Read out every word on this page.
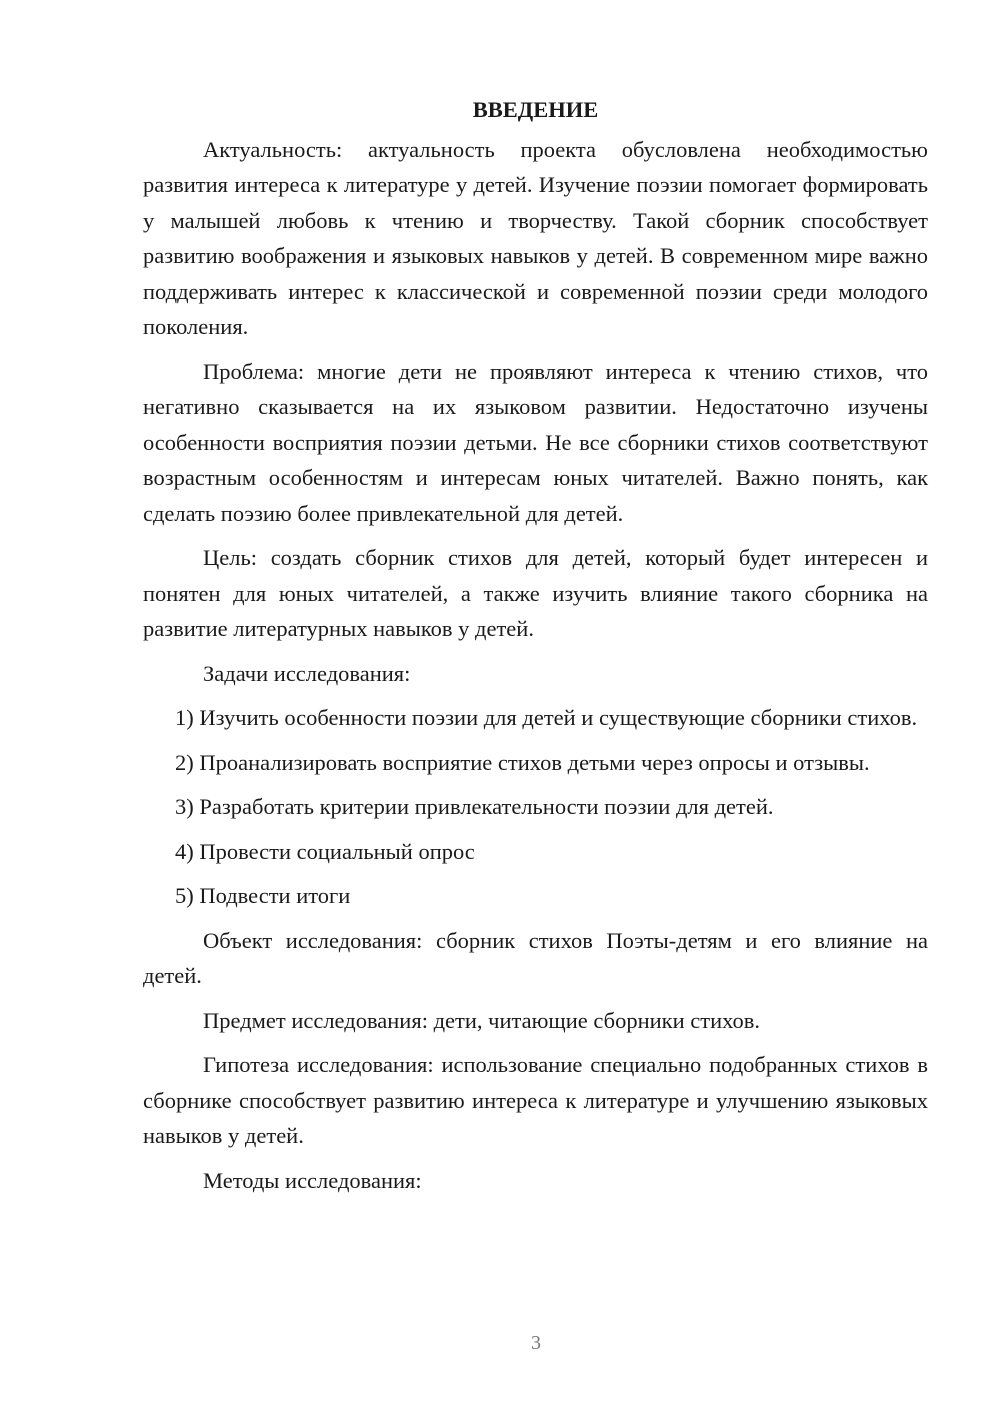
ВВЕДЕНИЕ

Актуальность: актуальность проекта обусловлена необходимостью развития интереса к литературе у детей. Изучение поэзии помогает формировать у малышей любовь к чтению и творчеству. Такой сборник способствует развитию воображения и языковых навыков у детей. В современном мире важно поддерживать интерес к классической и современной поэзии среди молодого поколения.

Проблема: многие дети не проявляют интереса к чтению стихов, что негативно сказывается на их языковом развитии. Недостаточно изучены особенности восприятия поэзии детьми. Не все сборники стихов соответствуют возрастным особенностям и интересам юных читателей. Важно понять, как сделать поэзию более привлекательной для детей.

Цель: создать сборник стихов для детей, который будет интересен и понятен для юных читателей, а также изучить влияние такого сборника на развитие литературных навыков у детей.

Задачи исследования:

1) Изучить особенности поэзии для детей и существующие сборники стихов.

2) Проанализировать восприятие стихов детьми через опросы и отзывы.

3) Разработать критерии привлекательности поэзии для детей.

4) Провести социальный опрос

5) Подвести итоги

Объект исследования: сборник стихов Поэты-детям и его влияние на детей.

Предмет исследования: дети, читающие сборники стихов.

Гипотеза исследования: использование специально подобранных стихов в сборнике способствует развитию интереса к литературе и улучшению языковых навыков у детей.

Методы исследования:

3
